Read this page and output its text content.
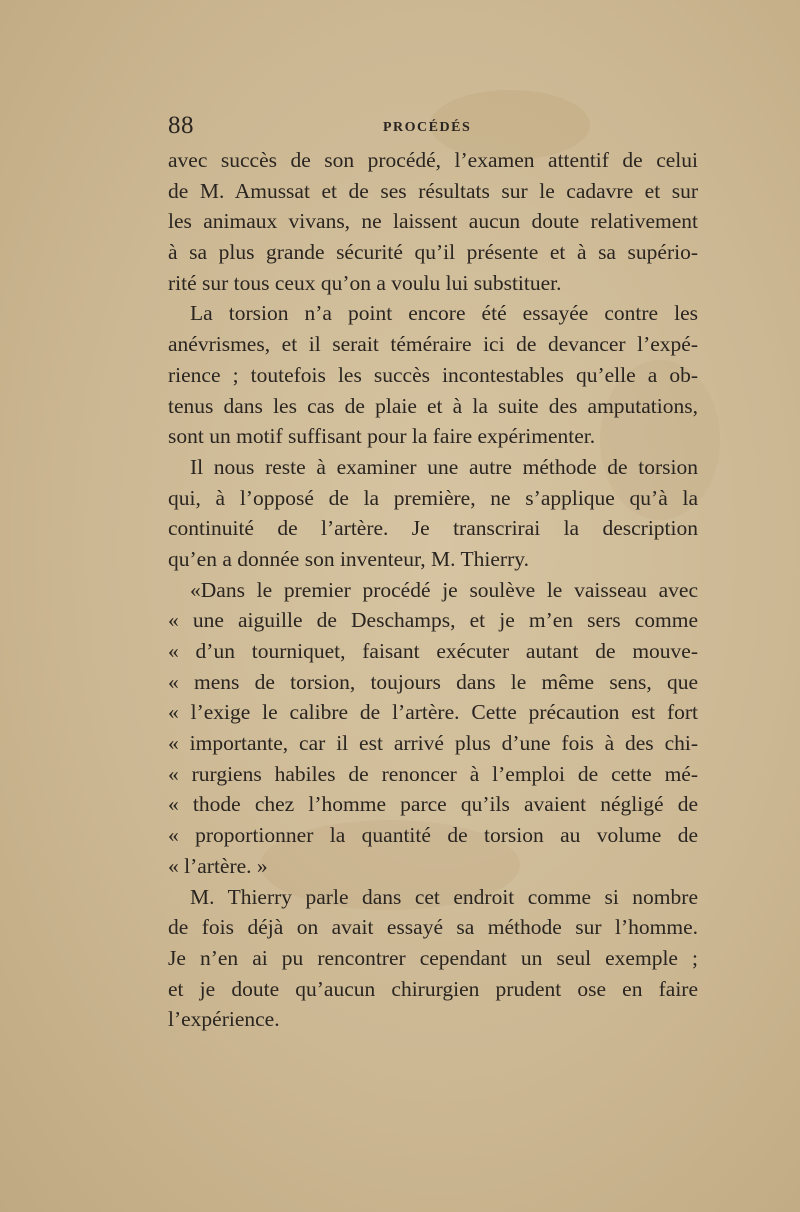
88	PROCÉDÉS
avec succès de son procédé, l’examen attentif de celui
de M. Amussat et de ses résultats sur le cadavre et sur
les animaux vivans, ne laissent aucun doute relativement
à sa plus grande sécurité qu’il présente et à sa supério-
rité sur tous ceux qu’on a voulu lui substituer.
La torsion n’a point encore été essayée contre les
anévrismes, et il serait téméraire ici de devancer l’expé-
rience ; toutefois les succès incontestables qu’elle a ob-
tenus dans les cas de plaie et à la suite des amputations,
sont un motif suffisant pour la faire expérimenter.
Il nous reste à examiner une autre méthode de torsion
qui, à l’opposé de la première, ne s’applique qu’à la
continuité de l’artère. Je transcrirai la description
qu’en a donnée son inventeur, M. Thierry.
«Dans le premier procédé je soulève le vaisseau avec
« une aiguille de Deschamps, et je m’en sers comme
« d’un tourniquet, faisant exécuter autant de mouve-
« mens de torsion, toujours dans le même sens, que
« l’exige le calibre de l’artère. Cette précaution est fort
« importante, car il est arrivé plus d’une fois à des chi-
« rurgiens habiles de renoncer à l’emploi de cette mé-
« thode chez l’homme parce qu’ils avaient négligé de
« proportionner la quantité de torsion au volume de
« l’artère. »
M. Thierry parle dans cet endroit comme si nombre
de fois déjà on avait essayé sa méthode sur l’homme.
Je n’en ai pu rencontrer cependant un seul exemple ;
et je doute qu’aucun chirurgien prudent ose en faire
l’expérience.
